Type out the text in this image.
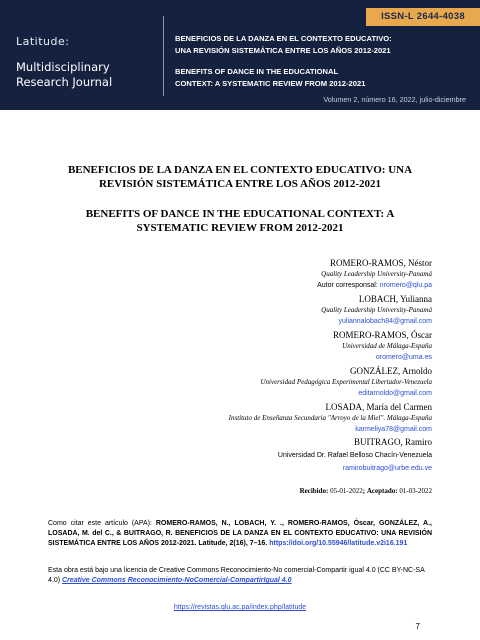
ISSN-L 2644-4038
Latitude:
Multidisciplinary
Research Journal
BENEFICIOS DE LA DANZA EN EL CONTEXTO EDUCATIVO:
UNA REVISIÓN SISTEMÁTICA ENTRE LOS AÑOS 2012-2021
BENEFITS OF DANCE IN THE EDUCATIONAL
CONTEXT: A SYSTEMATIC REVIEW FROM 2012-2021
Volumen 2, número 16, 2022, julio-diciembre
BENEFICIOS DE LA DANZA EN EL CONTEXTO EDUCATIVO: UNA
REVISIÓN SISTEMÁTICA ENTRE LOS AÑOS 2012-2021
BENEFITS OF DANCE IN THE EDUCATIONAL CONTEXT: A
SYSTEMATIC REVIEW FROM 2012-2021
ROMERO-RAMOS, Néstor
Quality Leadership University-Panamá
Autor corresponsal: nromero@qlu.pa
LOBACH, Yulianna
Quality Leadership University-Panamá
yuliannalobach84@gmail.com
ROMERO-RAMOS, Óscar
Universidad de Málaga-España
oromero@uma.es
GONZÁLEZ, Arnoldo
Universidad Pedagógica Experimental Libertador-Venezuela
editarnoldo@gmail.com
LOSADA, María del Carmen
Instituto de Enseñanza Secundaria "Arroyo de la Miel". Málaga-España
karmeliya78@gmail.com
BUITRAGO, Ramiro
Universidad Dr. Rafael Belloso Chacín-Venezuela
ramirobuitrago@urbe.edu.ve
Recibido: 05-01-2022; Aceptado: 01-03-2022
Como citar este artículo (APA): ROMERO-RAMOS, N., LOBACH, Y. ., ROMERO-RAMOS, Óscar, GONZÁLEZ, A., LOSADA, M. del C., & BUITRAGO, R. BENEFICIOS DE LA DANZA EN EL CONTEXTO EDUCATIVO: UNA REVISIÓN SISTEMÁTICA ENTRE LOS AÑOS 2012-2021. Latitude, 2(16), 7–16. https://doi.org/10.55946/latitude.v2i16.191
Esta obra está bajo una licencia de Creative Commons Reconocimiento-No comercial-Compartir igual 4.0 (CC BY-NC-SA 4.0) Creative Commons Reconocimiento-NoComercial-CompartirIgual 4.0
https://revistas.qlu.ac.pa/index.php/latitude
7
